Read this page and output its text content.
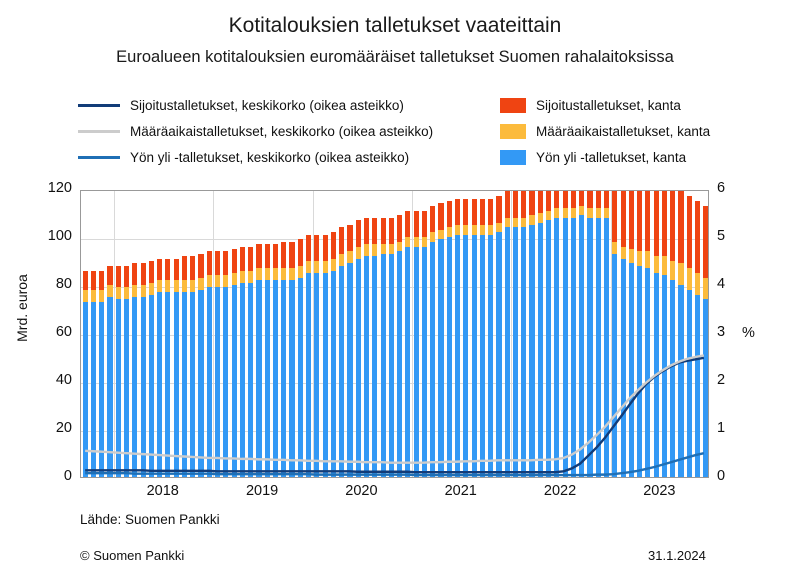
Kotitalouksien talletukset vaateittain
Euroalueen kotitalouksien euromääräiset talletukset Suomen rahalaitoksissa
Sijoitustalletukset, keskikorko (oikea asteikko)
Määräaikaistalletukset, keskikorko (oikea asteikko)
Yön yli -talletukset, keskikorko (oikea asteikko)
Sijoitustalletukset, kanta
Määräaikaistalletukset, kanta
Yön yli -talletukset, kanta
Mrd. euroa	%
0
20
40
60
80
100
120
0
1
2
3
4
5
6
2018	2019	2020	2021	2022	2023
Lähde: Suomen Pankki
© Suomen Pankki	31.1.2024
